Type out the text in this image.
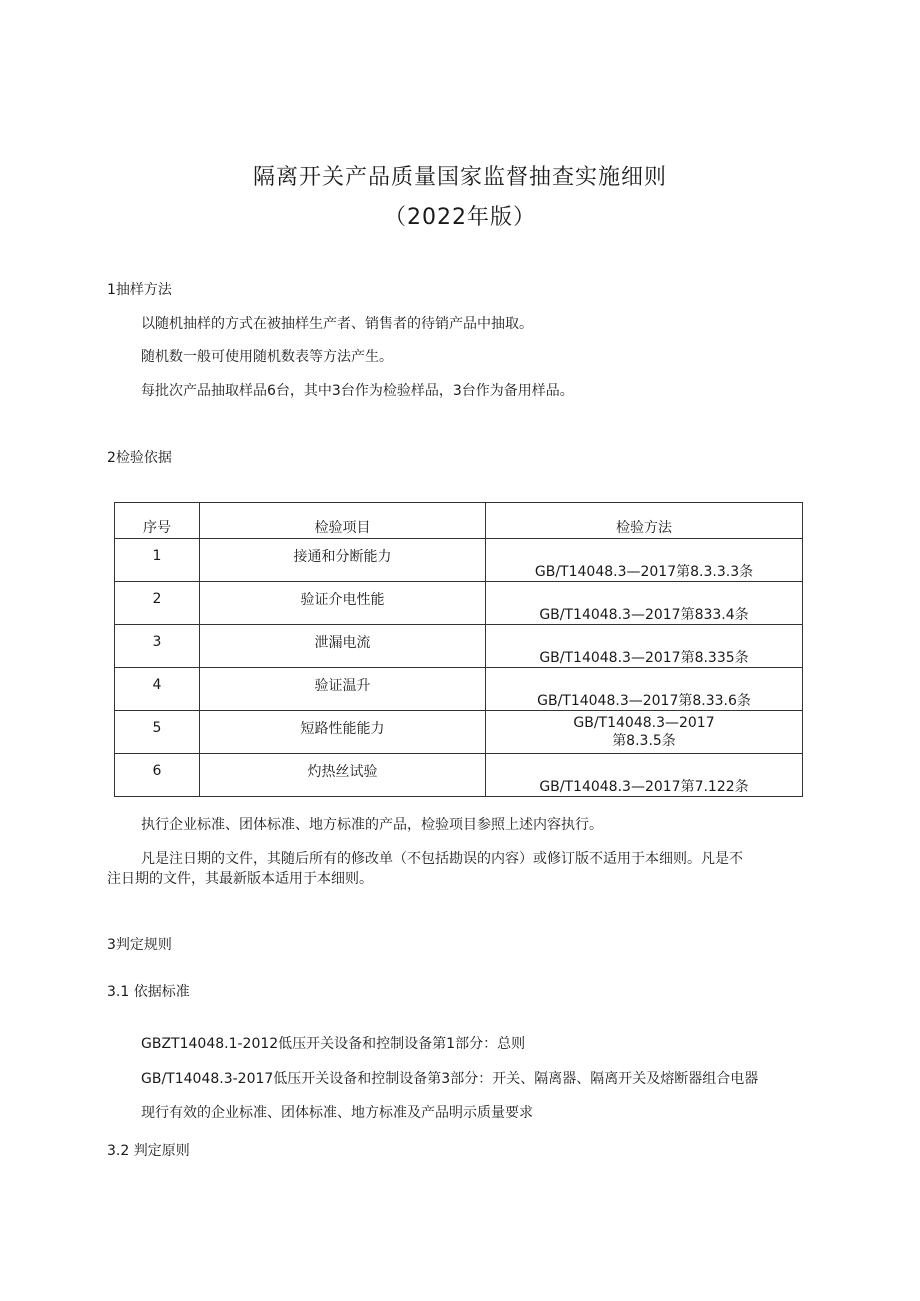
隔离开关产品质量国家监督抽查实施细则
（2022年版）
1抽样方法
以随机抽样的方式在被抽样生产者、销售者的待销产品中抽取。
随机数一般可使用随机数表等方法产生。
每批次产品抽取样品6台，其中3台作为检验样品，3台作为备用样品。
2检验依据
序号	检验项目	检验方法
1	接通和分断能力	GB/T14048.3—2017第8.3.3.3条
2	验证介电性能	GB/T14048.3—2017第833.4条
3	泄漏电流	GB/T14048.3—2017第8.335条
4	验证温升	GB/T14048.3—2017第8.33.6条
5	短路性能能力	GB/T14048.3—2017
第8.3.5条

6	灼热丝试验	GB/T14048.3—2017第7.122条
执行企业标准、团体标准、地方标准的产品，检验项目参照上述内容执行。
凡是注日期的文件，其随后所有的修改单（不包括勘误的内容）或修订版不适用于本细则。凡是不
注日期的文件，其最新版本适用于本细则。
3判定规则
3.1 依据标准
GBZT14048.1-2012低压开关设备和控制设备第1部分：总则
GB/T14048.3-2017低压开关设备和控制设备第3部分：开关、隔离器、隔离开关及熔断器组合电器
现行有效的企业标准、团体标准、地方标准及产品明示质量要求
3.2 判定原则
